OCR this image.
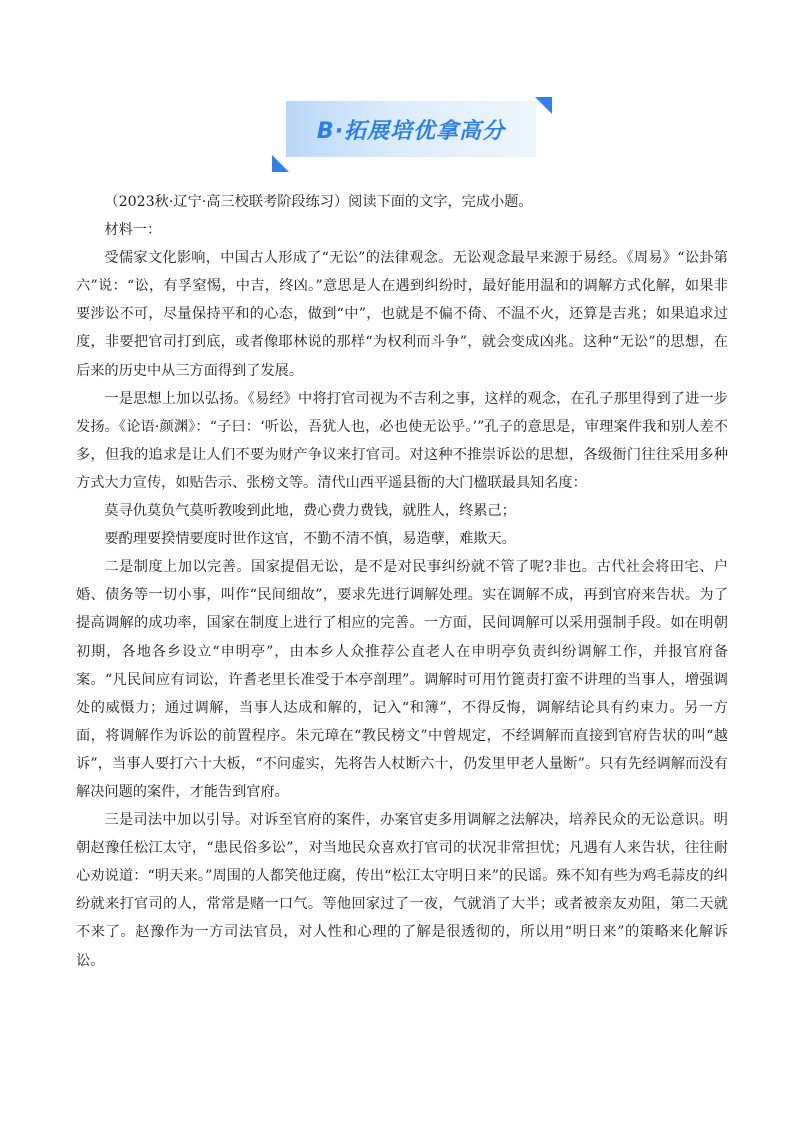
B·拓展培优拿高分

（2023秋·辽宁·高三校联考阶段练习）阅读下面的文字，完成小题。

材料一：

受儒家文化影响，中国古人形成了“无讼”的法律观念。无讼观念最早来源于易经。《周易》“讼卦第六”说：“讼，有孚窒惕，中吉，终凶。”意思是人在遇到纠纷时，最好能用温和的调解方式化解，如果非要涉讼不可，尽量保持平和的心态，做到“中”，也就是不偏不倚、不温不火，还算是吉兆；如果追求过度，非要把官司打到底，或者像耶林说的那样“为权利而斗争”，就会变成凶兆。这种“无讼”的思想，在后来的历史中从三方面得到了发展。

一是思想上加以弘扬。《易经》中将打官司视为不吉利之事，这样的观念，在孔子那里得到了进一步发扬。《论语·颜渊》：“子曰：‘听讼，吾犹人也，必也使无讼乎。’”孔子的意思是，审理案件我和别人差不多，但我的追求是让人们不要为财产争议来打官司。对这种不推崇诉讼的思想，各级衙门往往采用多种方式大力宣传，如贴告示、张榜文等。清代山西平遥县衙的大门楹联最具知名度：

莫寻仇莫负气莫听教唆到此地，费心费力费钱，就胜人，终累己；

要酌理要揆情要度时世作这官，不勤不清不慎，易造孽，难欺天。

二是制度上加以完善。国家提倡无讼，是不是对民事纠纷就不管了呢?非也。古代社会将田宅、户婚、债务等一切小事，叫作“民间细故”，要求先进行调解处理。实在调解不成，再到官府来告状。为了提高调解的成功率，国家在制度上进行了相应的完善。一方面，民间调解可以采用强制手段。如在明朝初期，各地各乡设立“申明亭”，由本乡人众推荐公直老人在申明亭负责纠纷调解工作，并报官府备案。“凡民间应有词讼，许耆老里长准受于本亭剖理”。调解时可用竹篦责打蛮不讲理的当事人，增强调处的威慑力；通过调解，当事人达成和解的，记入“和簿”，不得反悔，调解结论具有约束力。另一方面，将调解作为诉讼的前置程序。朱元璋在“教民榜文”中曾规定，不经调解而直接到官府告状的叫“越诉”，当事人要打六十大板，“不问虚实，先将告人杖断六十，仍发里甲老人量断”。只有先经调解而没有解决问题的案件，才能告到官府。

三是司法中加以引导。对诉至官府的案件，办案官吏多用调解之法解决，培养民众的无讼意识。明朝赵豫任松江太守，“患民俗多讼”，对当地民众喜欢打官司的状况非常担忧；凡遇有人来告状，往往耐心劝说道：“明天来。”周围的人都笑他迂腐，传出“松江太守明日来”的民谣。殊不知有些为鸡毛蒜皮的纠纷就来打官司的人，常常是赌一口气。等他回家过了一夜，气就消了大半；或者被亲友劝阻，第二天就不来了。赵豫作为一方司法官员，对人性和心理的了解是很透彻的，所以用“明日来”的策略来化解诉讼。
